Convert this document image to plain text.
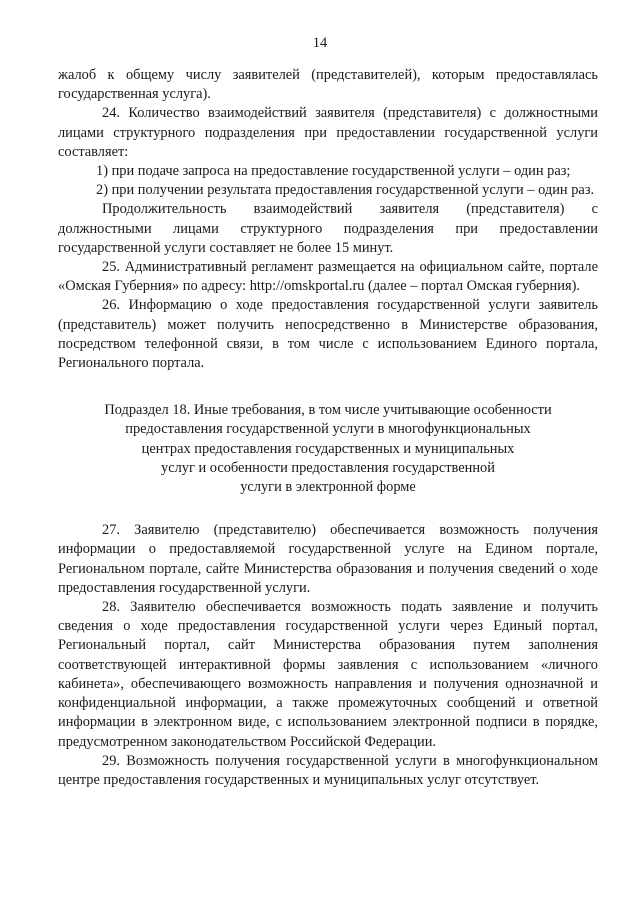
14

жалоб к общему числу заявителей (представителей), которым предоставлялась государственная услуга).

24. Количество взаимодействий заявителя (представителя) с должностными лицами структурного подразделения при предоставлении государственной услуги составляет:

1) при подаче запроса на предоставление государственной услуги – один раз;

2) при получении результата предоставления государственной услуги – один раз.

Продолжительность взаимодействий заявителя (представителя) с должностными лицами структурного подразделения при предоставлении государственной услуги составляет не более 15 минут.

25. Административный регламент размещается на официальном сайте, портале «Омская Губерния» по адресу: http://omskportal.ru (далее – портал Омская губерния).

26. Информацию о ходе предоставления государственной услуги заявитель (представитель) может получить непосредственно в Министерстве образования, посредством телефонной связи, в том числе с использованием Единого портала, Регионального портала.

Подраздел 18. Иные требования, в том числе учитывающие особенности
предоставления государственной услуги в многофункциональных
центрах предоставления государственных и муниципальных
услуг и особенности предоставления государственной
услуги в электронной форме

27. Заявителю (представителю) обеспечивается возможность получения информации о предоставляемой государственной услуге на Едином портале, Региональном портале, сайте Министерства образования и получения сведений о ходе предоставления государственной услуги.

28. Заявителю обеспечивается возможность подать заявление и получить сведения о ходе предоставления государственной услуги через Единый портал, Региональный портал, сайт Министерства образования путем заполнения соответствующей интерактивной формы заявления с использованием «личного кабинета», обеспечивающего возможность направления и получения однозначной и конфиденциальной информации, а также промежуточных сообщений и ответной информации в электронном виде, с использованием электронной подписи в порядке, предусмотренном законодательством Российской Федерации.

29. Возможность получения государственной услуги в многофункциональном центре предоставления государственных и муниципальных услуг отсутствует.
